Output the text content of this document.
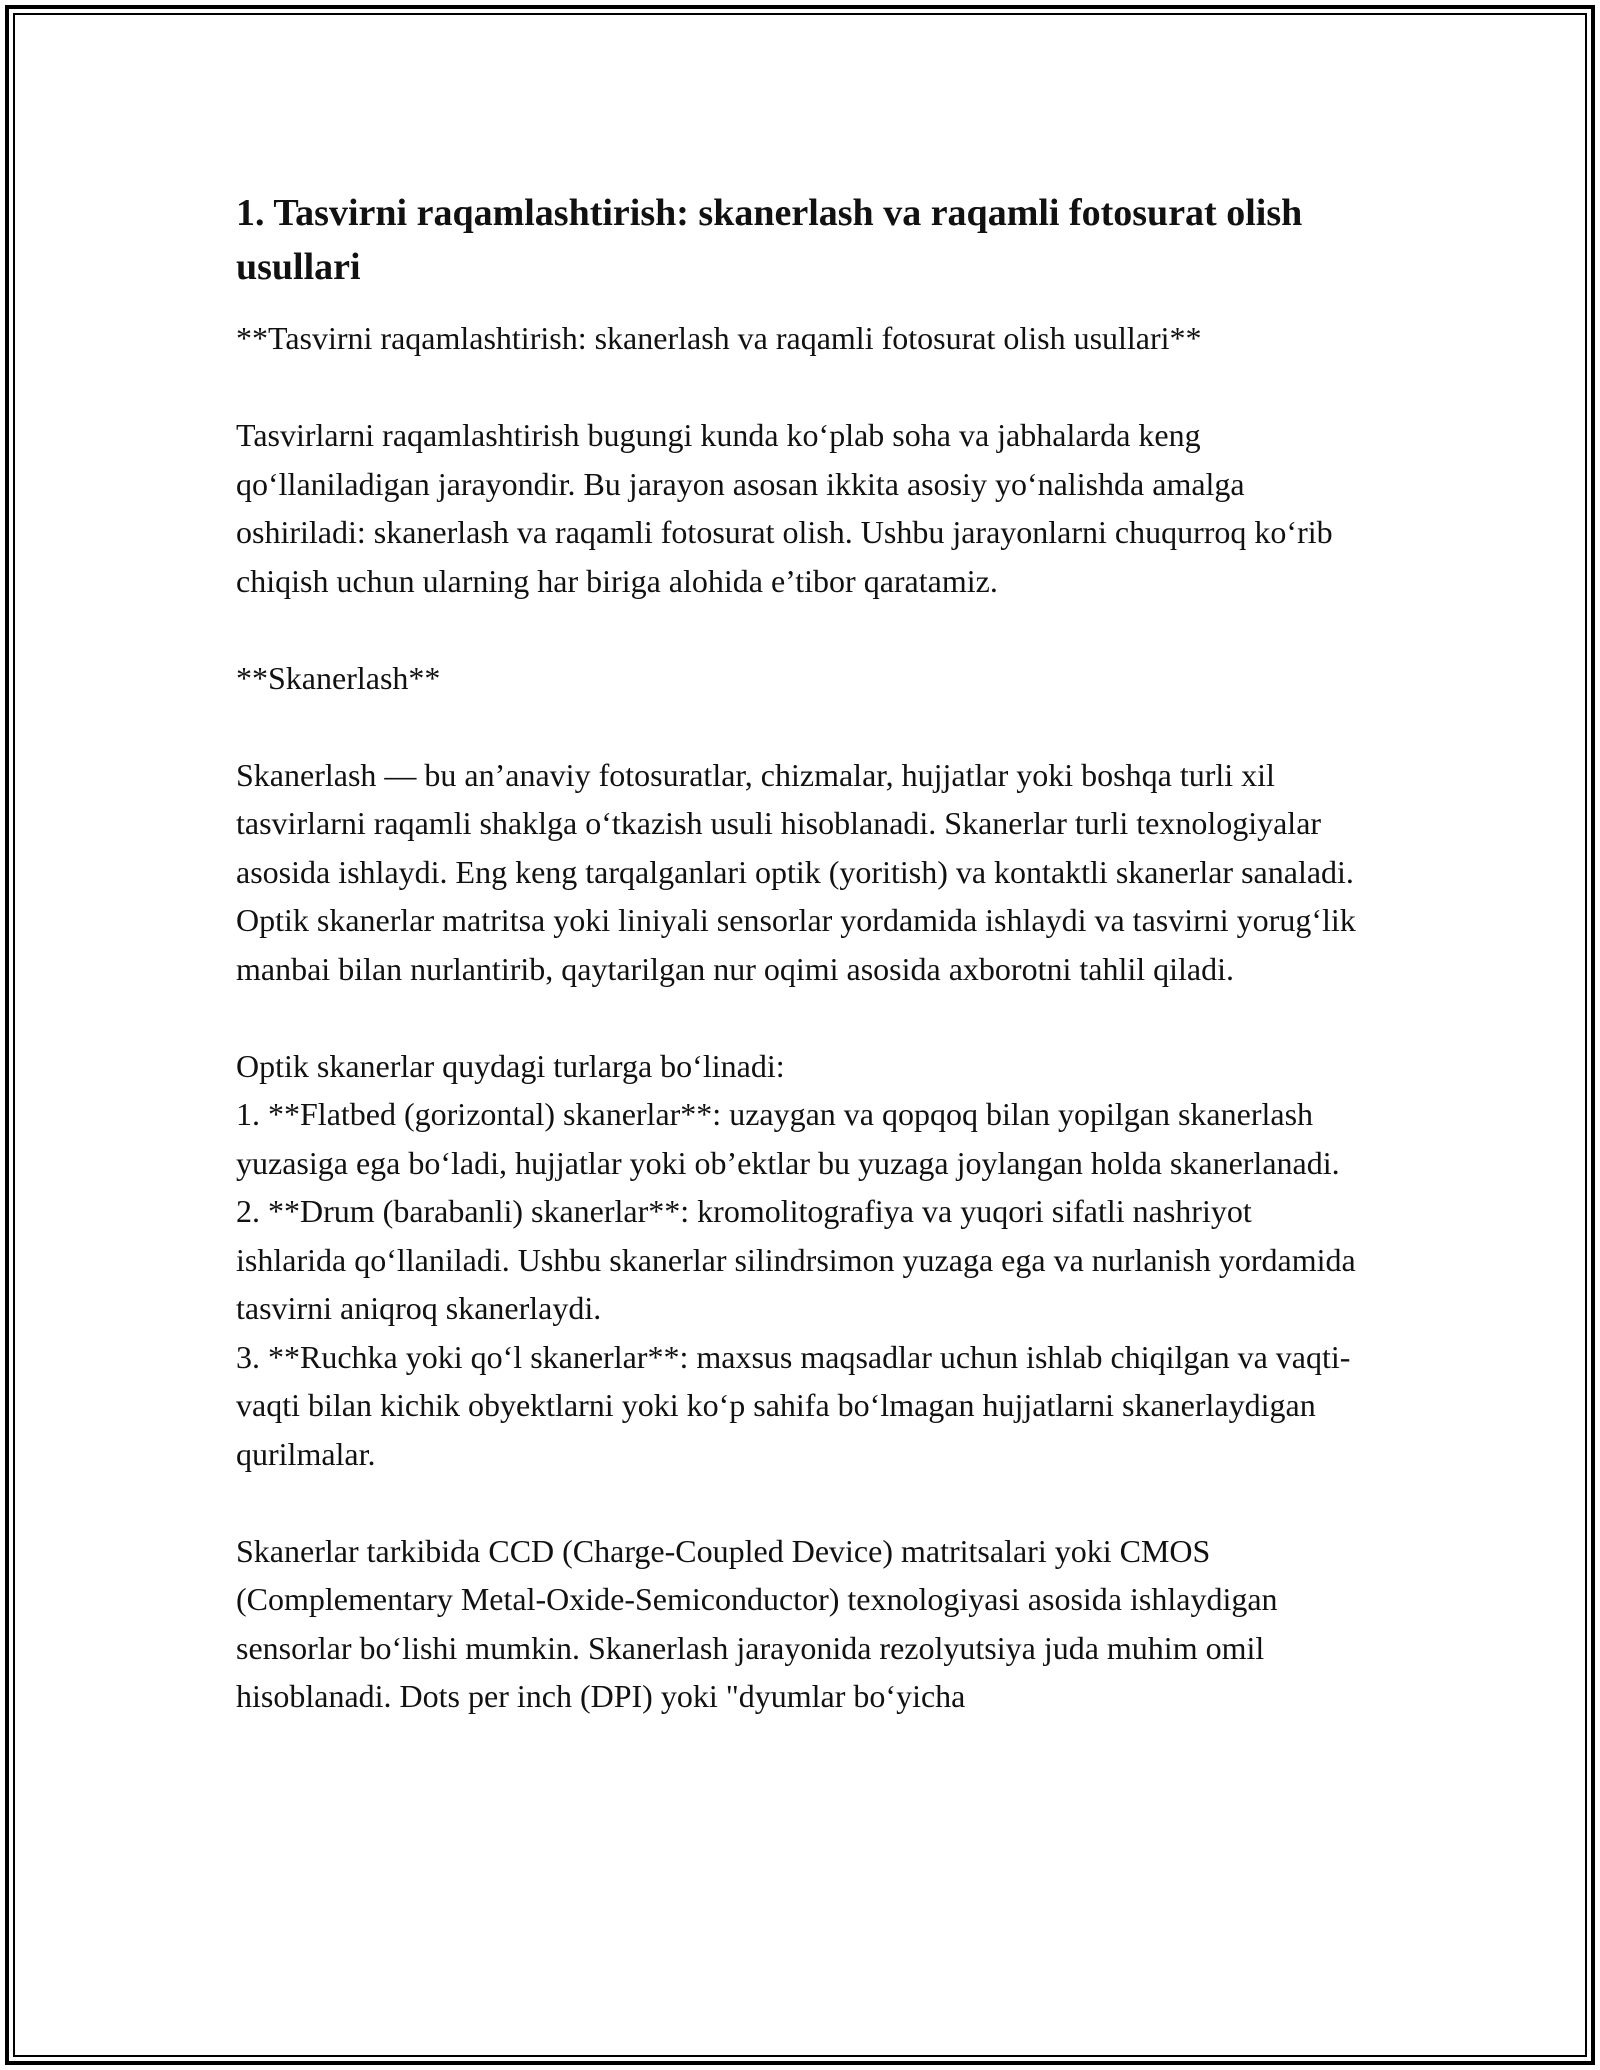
1. Tasvirni raqamlashtirish: skanerlash va raqamli fotosurat olish usullari

**Tasvirni raqamlashtirish: skanerlash va raqamli fotosurat olish usullari**

Tasvirlarni raqamlashtirish bugungi kunda ko‘plab soha va jabhalarda keng qo‘llaniladigan jarayondir. Bu jarayon asosan ikkita asosiy yo‘nalishda amalga oshiriladi: skanerlash va raqamli fotosurat olish. Ushbu jarayonlarni chuqurroq ko‘rib chiqish uchun ularning har biriga alohida e’tibor qaratamiz.

**Skanerlash**

Skanerlash — bu an’anaviy fotosuratlar, chizmalar, hujjatlar yoki boshqa turli xil tasvirlarni raqamli shaklga o‘tkazish usuli hisoblanadi. Skanerlar turli texnologiyalar asosida ishlaydi. Eng keng tarqalganlari optik (yoritish) va kontaktli skanerlar sanaladi. Optik skanerlar matritsa yoki liniyali sensorlar yordamida ishlaydi va tasvirni yorug‘lik manbai bilan nurlantirib, qaytarilgan nur oqimi asosida axborotni tahlil qiladi.

Optik skanerlar quydagi turlarga bo‘linadi:

1. **Flatbed (gorizontal) skanerlar**: uzaygan va qopqoq bilan yopilgan skanerlash yuzasiga ega bo‘ladi, hujjatlar yoki ob’ektlar bu yuzaga joylangan holda skanerlanadi.

2. **Drum (barabanli) skanerlar**: kromolitografiya va yuqori sifatli nashriyot ishlarida qo‘llaniladi. Ushbu skanerlar silindrsimon yuzaga ega va nurlanish yordamida tasvirni aniqroq skanerlaydi.

3. **Ruchka yoki qo‘l skanerlar**: maxsus maqsadlar uchun ishlab chiqilgan va vaqti-vaqti bilan kichik obyektlarni yoki ko‘p sahifa bo‘lmagan hujjatlarni skanerlaydigan qurilmalar.

Skanerlar tarkibida CCD (Charge-Coupled Device) matritsalari yoki CMOS (Complementary Metal-Oxide-Semiconductor) texnologiyasi asosida ishlaydigan sensorlar bo‘lishi mumkin. Skanerlash jarayonida rezolyutsiya juda muhim omil hisoblanadi. Dots per inch (DPI) yoki "dyumlar bo‘yicha
